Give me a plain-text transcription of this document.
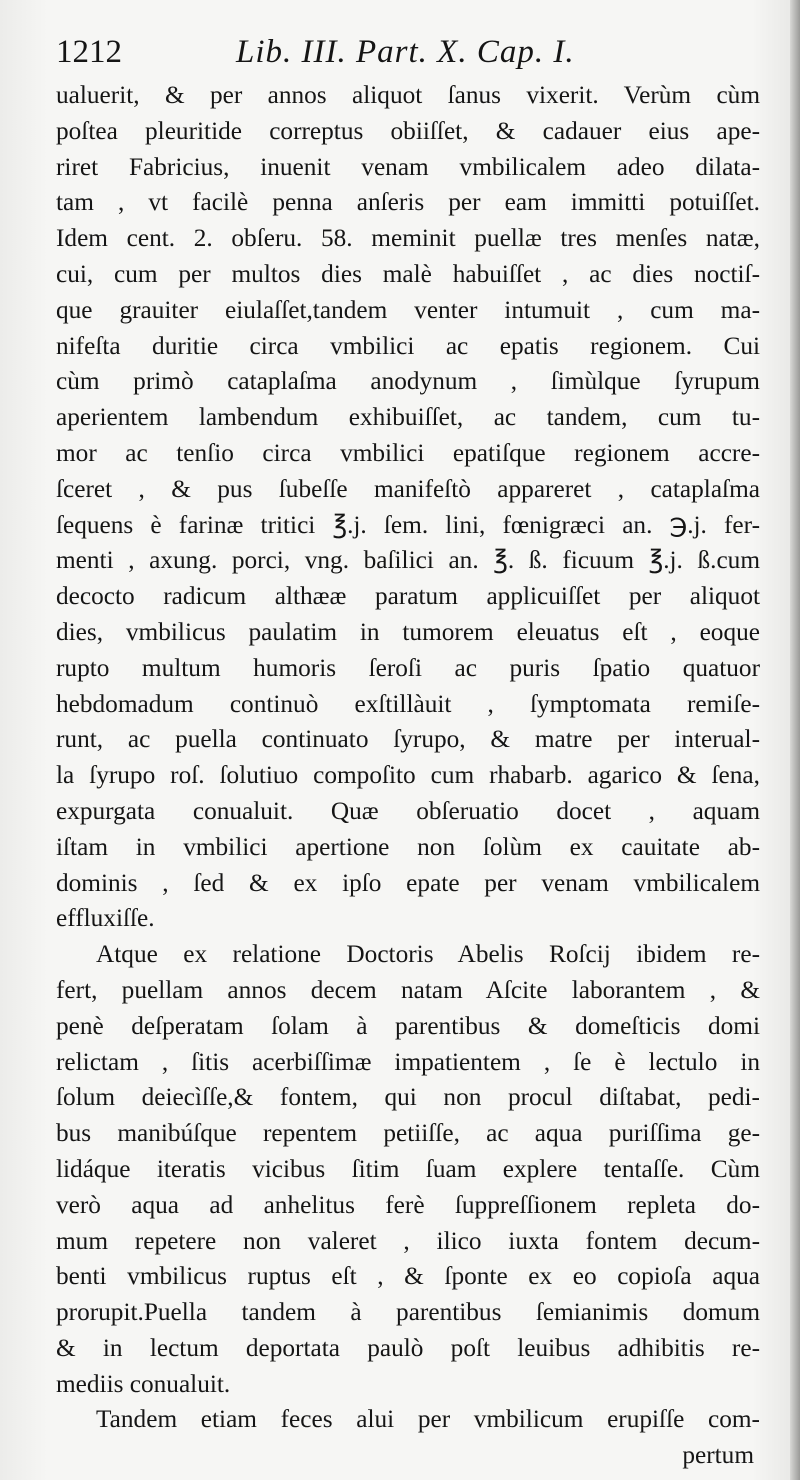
1212	Lib. III. Part. X. Cap. I.
ualuerit, & per annos aliquot ſanus vixerit. Verùm cùm
poſtea pleuritide correptus obiiſſet, & cadauer eius ape-
riret Fabricius, inuenit venam vmbilicalem adeo dilata-
tam , vt facilè penna anſeris per eam immitti potuiſſet.
Idem cent. 2. obſeru. 58. meminit puellæ tres menſes natæ,
cui, cum per multos dies malè habuiſſet , ac dies noctiſ-
que grauiter eiulaſſet,tandem venter intumuit , cum ma-
nifeſta duritie circa vmbilici ac epatis regionem. Cui
cùm primò cataplaſma anodynum , ſimùlque ſyrupum
aperientem lambendum exhibuiſſet, ac tandem, cum tu-
mor ac tenſio circa vmbilici epatiſque regionem accre-
ſceret , & pus ſubeſſe manifeſtò appareret , cataplaſma
ſequens è farinæ tritici ℥.j. ſem. lini, fœnigræci an. ℈.j. fer-
menti , axung. porci, vng. baſilici an. ℥. ß. ficuum ℥.j. ß.cum
decocto radicum althææ paratum applicuiſſet per aliquot
dies, vmbilicus paulatim in tumorem eleuatus eſt , eoque
rupto multum humoris ſeroſi ac puris ſpatio quatuor
hebdomadum continuò exſtillàuit , ſymptomata remiſe-
runt, ac puella continuato ſyrupo, & matre per interual-
la ſyrupo roſ. ſolutiuo compoſito cum rhabarb. agarico & ſena,
expurgata conualuit. Quæ obſeruatio docet , aquam
iſtam in vmbilici apertione non ſolùm ex cauitate ab-
dominis , ſed & ex ipſo epate per venam vmbilicalem
effluxiſſe.
Atque ex relatione Doctoris Abelis Roſcij ibidem re-
fert, puellam annos decem natam Aſcite laborantem , &
penè deſperatam ſolam à parentibus & domeſticis domi
relictam , ſitis acerbiſſimæ impatientem , ſe è lectulo in
ſolum deiecìſſe,& fontem, qui non procul diſtabat, pedi-
bus manibúſque repentem petiiſſe, ac aqua puriſſima ge-
lidáque iteratis vicibus ſitim ſuam explere tentaſſe. Cùm
verò aqua ad anhelitus ferè ſuppreſſionem repleta do-
mum repetere non valeret , ilico iuxta fontem decum-
benti vmbilicus ruptus eſt , & ſponte ex eo copioſa aqua
prorupit.Puella tandem à parentibus ſemianimis domum
& in lectum deportata paulò poſt leuibus adhibitis re-
mediis conualuit.
Tandem etiam feces alui per vmbilicum erupiſſe com-
pertum
